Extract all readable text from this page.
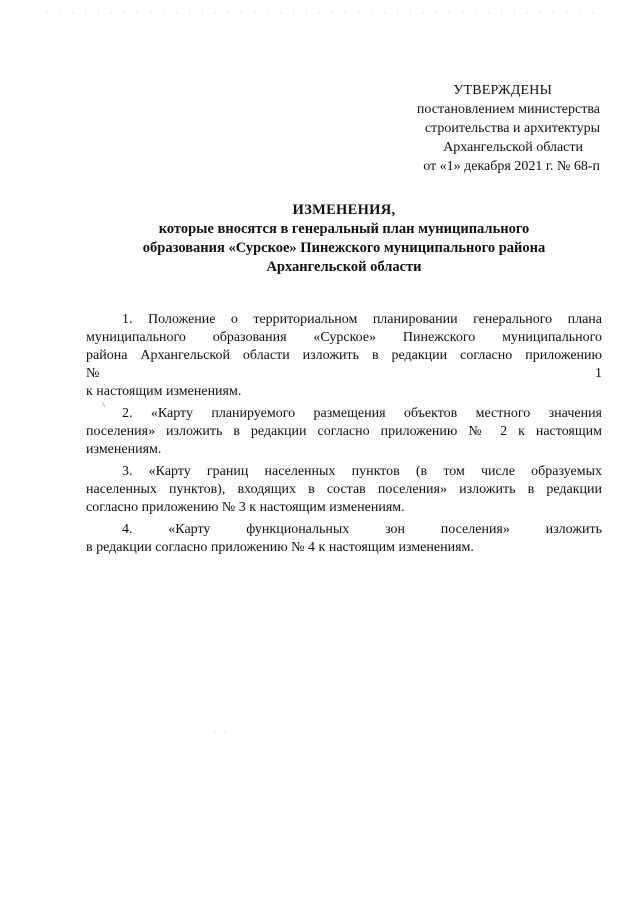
УТВЕРЖДЕНЫ
постановлением министерства
строительства и архитектуры
Архангельской области
от «1» декабря 2021 г. № 68-п
ИЗМЕНЕНИЯ,
которые вносятся в генеральный план муниципального
образования «Сурское» Пинежского муниципального района
Архангельской области
1. Положение о территориальном планировании генерального плана
муниципального образования «Сурское» Пинежского муниципального
района Архангельской области изложить в редакции согласно приложению
№ 1
к настоящим изменениям.
2. «Карту планируемого размещения объектов местного значения
поселения» изложить в редакции согласно приложению № 2 к настоящим
изменениям.
3. «Карту границ населенных пунктов (в том числе образуемых
населенных пунктов), входящих в состав поселения» изложить в редакции
согласно приложению № 3 к настоящим изменениям.
4. «Карту функциональных зон поселения» изложить
в редакции согласно приложению № 4 к настоящим изменениям.
